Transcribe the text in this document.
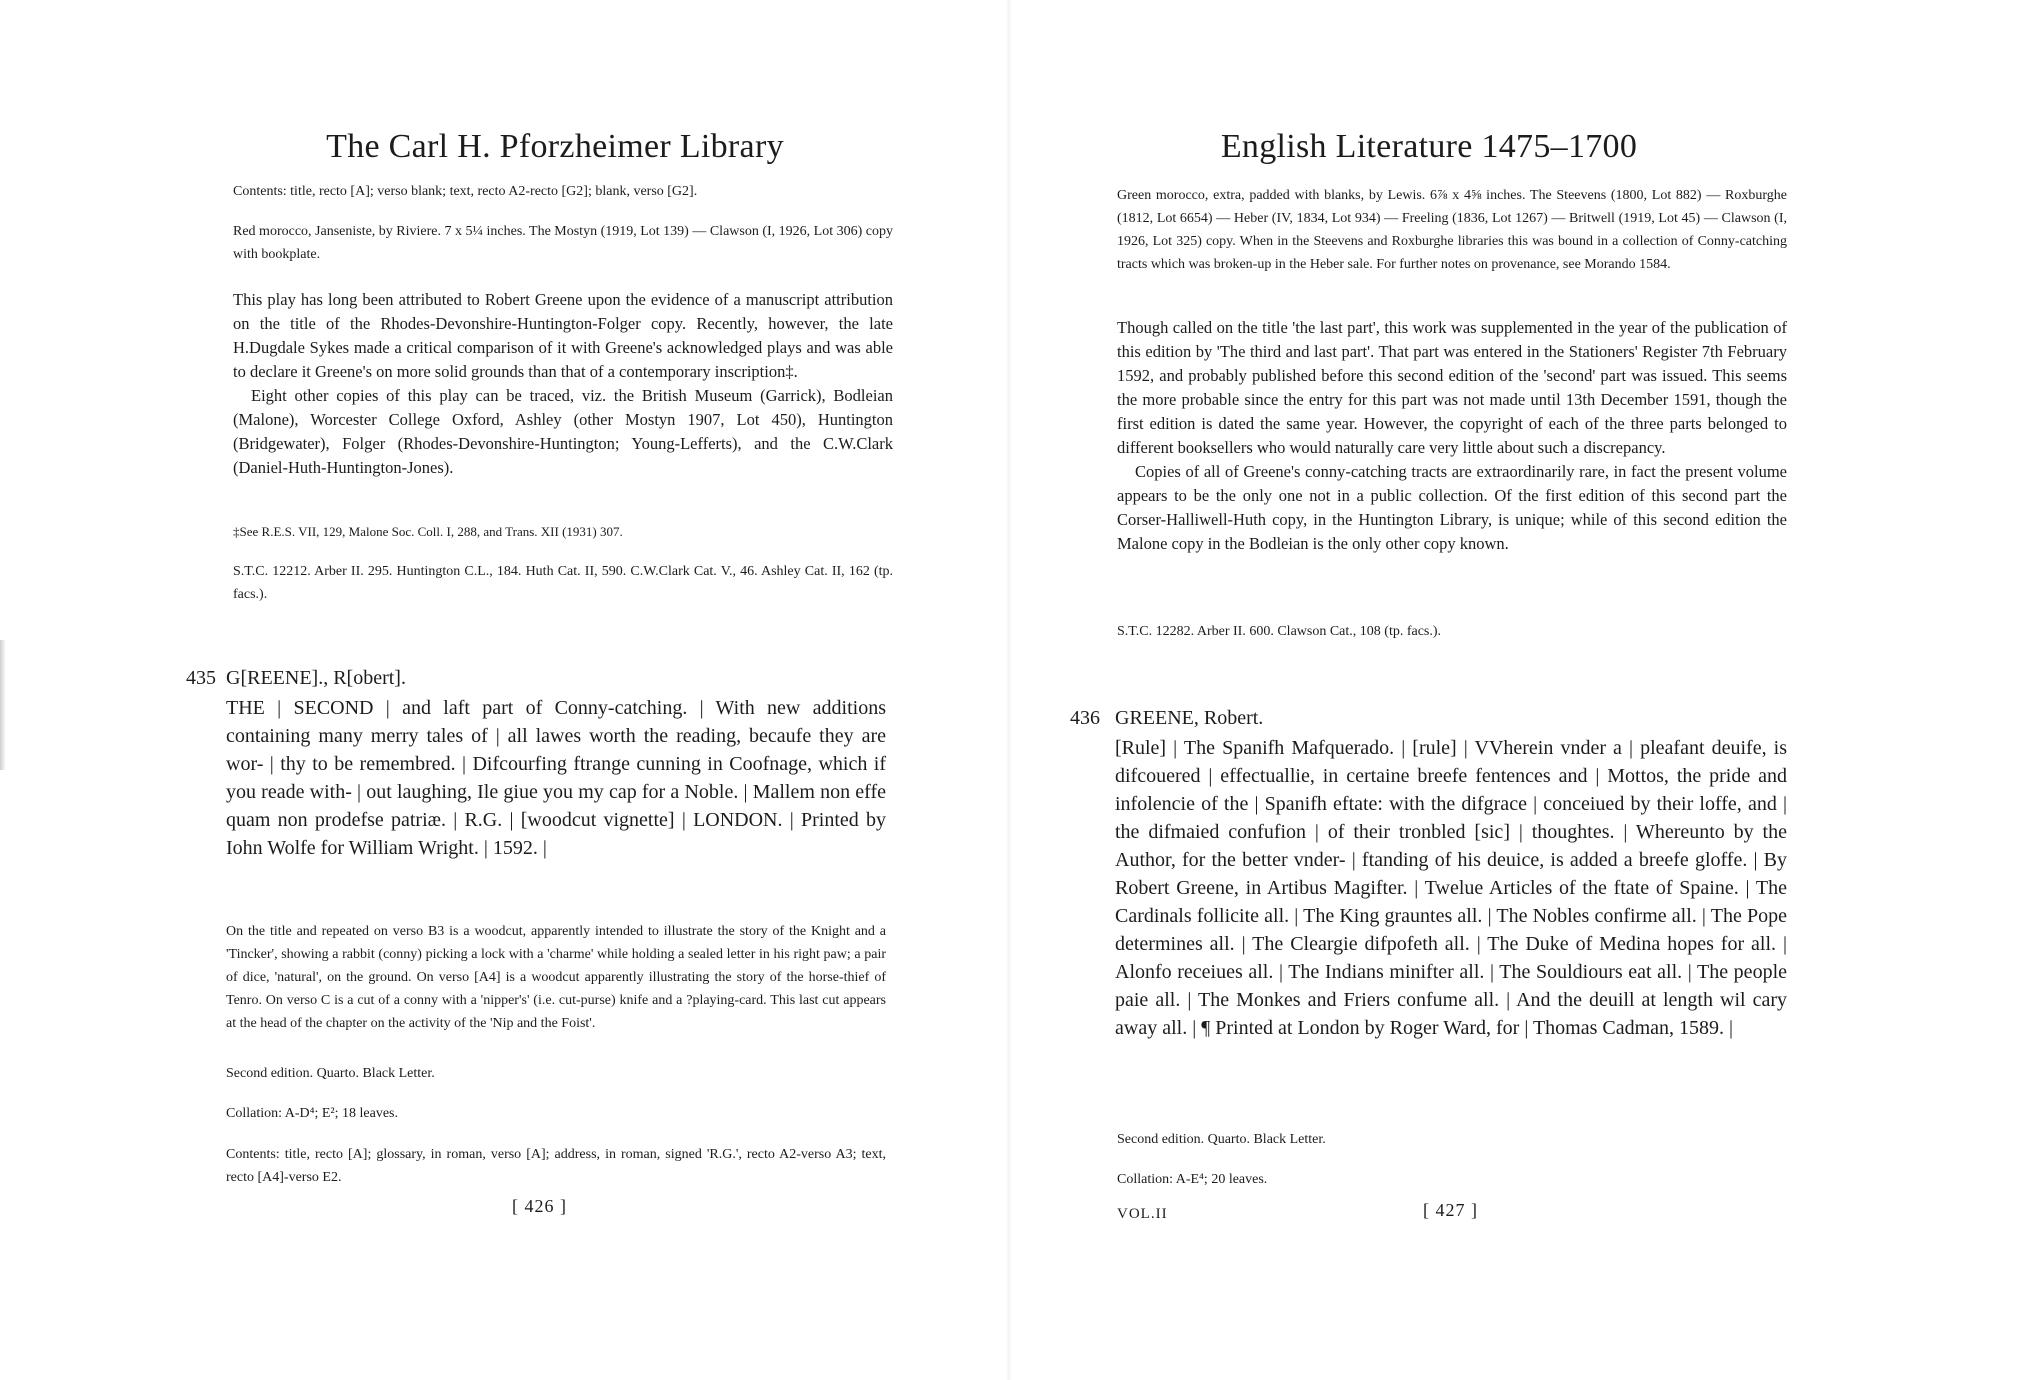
The Carl H. Pforzheimer Library
Contents: title, recto [A]; verso blank; text, recto A2-recto [G2]; blank, verso [G2].
Red morocco, Janseniste, by Riviere. 7 x 5¼ inches. The Mostyn (1919, Lot 139) — Clawson (I, 1926, Lot 306) copy with bookplate.

This play has long been attributed to Robert Greene upon the evidence of a manuscript attribution on the title of the Rhodes-Devonshire-Huntington-Folger copy. Recently, however, the late H.Dugdale Sykes made a critical comparison of it with Greene's acknowledged plays and was able to declare it Greene's on more solid grounds than that of a contemporary inscription‡.

Eight other copies of this play can be traced, viz. the British Museum (Garrick), Bodleian (Malone), Worcester College Oxford, Ashley (other Mostyn 1907, Lot 450), Huntington (Bridgewater), Folger (Rhodes-Devonshire-Huntington; Young-Lefferts), and the C.W.Clark (Daniel-Huth-Huntington-Jones).

‡See R.E.S. VII, 129, Malone Soc. Coll. I, 288, and Trans. XII (1931) 307.
S.T.C. 12212. Arber II. 295. Huntington C.L., 184. Huth Cat. II, 590. C.W.Clark Cat. V., 46. Ashley Cat. II, 162 (tp. facs.).
435 G[REENE]., R[obert].
THE | SECOND | and laft part of Conny-catching. | With new additions containing many merry tales of | all lawes worth the reading, becaufe they are wor- | thy to be remembred. | Difcourfing ftrange cunning in Coofnage, which if you reade with- | out laughing, Ile giue you my cap for a Noble. | Mallem non effe quam non prodefse patriæ. | R.G. | [woodcut vignette] | LONDON. | Printed by Iohn Wolfe for William Wright. | 1592. |
On the title and repeated on verso B3 is a woodcut, apparently intended to illustrate the story of the Knight and a 'Tincker', showing a rabbit (conny) picking a lock with a 'charme' while holding a sealed letter in his right paw; a pair of dice, 'natural', on the ground. On verso [A4] is a woodcut apparently illustrating the story of the horse-thief of Tenro. On verso C is a cut of a conny with a 'nipper's' (i.e. cut-purse) knife and a ?playing-card. This last cut appears at the head of the chapter on the activity of the 'Nip and the Foist'.
Second edition. Quarto. Black Letter.
Collation: A-D⁴; E²; 18 leaves.
Contents: title, recto [A]; glossary, in roman, verso [A]; address, in roman, signed 'R.G.', recto A2-verso A3; text, recto [A4]-verso E2.
[ 426 ]
English Literature 1475–1700
Green morocco, extra, padded with blanks, by Lewis. 6⅞ x 4⅝ inches. The Steevens (1800, Lot 882) — Roxburghe (1812, Lot 6654) — Heber (IV, 1834, Lot 934) — Freeling (1836, Lot 1267) — Britwell (1919, Lot 45) — Clawson (I, 1926, Lot 325) copy. When in the Steevens and Roxburghe libraries this was bound in a collection of Conny-catching tracts which was broken-up in the Heber sale. For further notes on provenance, see Morando 1584.

Though called on the title 'the last part', this work was supplemented in the year of the publication of this edition by 'The third and last part'. That part was entered in the Stationers' Register 7th February 1592, and probably published before this second edition of the 'second' part was issued. This seems the more probable since the entry for this part was not made until 13th December 1591, though the first edition is dated the same year. However, the copyright of each of the three parts belonged to different booksellers who would naturally care very little about such a discrepancy.

Copies of all of Greene's conny-catching tracts are extraordinarily rare, in fact the present volume appears to be the only one not in a public collection. Of the first edition of this second part the Corser-Halliwell-Huth copy, in the Huntington Library, is unique; while of this second edition the Malone copy in the Bodleian is the only other copy known.

S.T.C. 12282. Arber II. 600. Clawson Cat., 108 (tp. facs.).
436 GREENE, Robert.
[Rule] | The Spanifh Mafquerado. | [rule] | VVherein vnder a | pleafant deuife, is difcouered | effectuallie, in certaine breefe fentences and | Mottos, the pride and infolencie of the | Spanifh eftate: with the difgrace | conceiued by their loffe, and | the difmaied confufion | of their tronbled [sic] | thoughtes. | Whereunto by the Author, for the better vnder- | ftanding of his deuice, is added a breefe gloffe. | By Robert Greene, in Artibus Magifter. | Twelue Articles of the ftate of Spaine. | The Cardinals follicite all. | The King grauntes all. | The Nobles confirme all. | The Pope determines all. | The Cleargie difpofeth all. | The Duke of Medina hopes for all. | Alonfo receiues all. | The Indians minifter all. | The Souldiours eat all. | The people paie all. | The Monkes and Friers confume all. | And the deuill at length wil cary away all. | ¶ Printed at London by Roger Ward, for | Thomas Cadman, 1589. |
Second edition. Quarto. Black Letter.
Collation: A-E⁴; 20 leaves.
VOL.II	[ 427 ]
